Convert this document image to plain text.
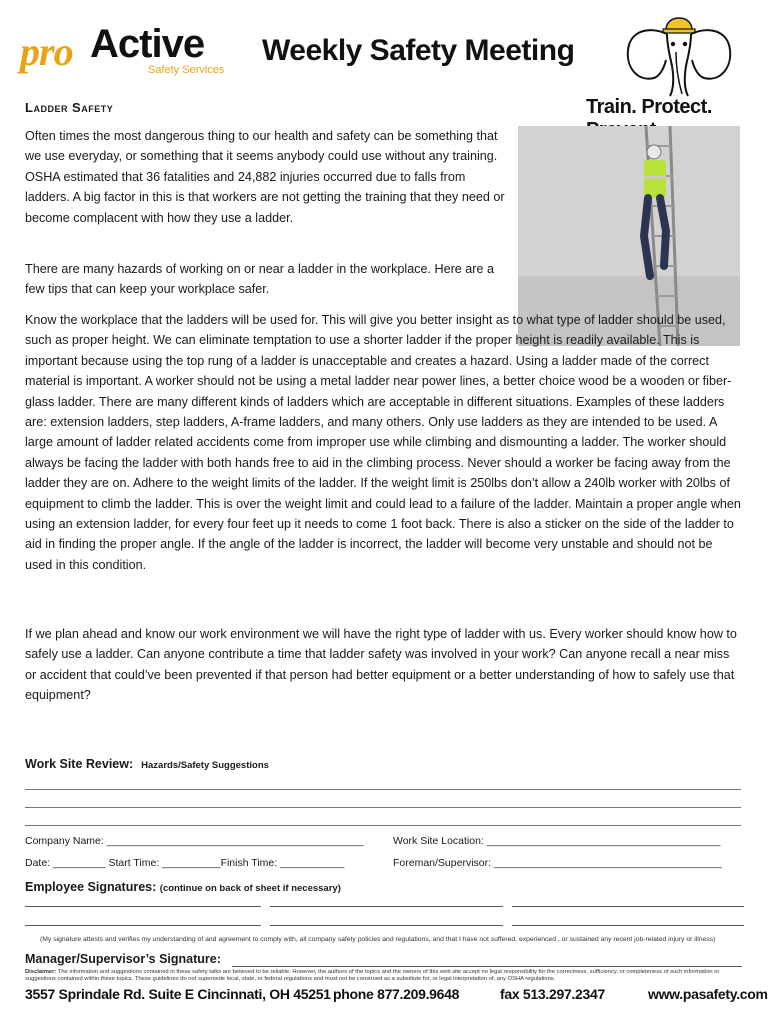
pro Active
Safety Services
Weekly Safety Meeting
Train. Protect.
Ladder Safety
Often times the most dangerous thing to our health and safety can be something that we use everyday, or something that it seems anybody could use without any training. OSHA estimated that 36 fatalities and 24,882 injuries occurred due to falls from ladders. A big factor in this is that workers are not getting the training that they need or become complacent with how they use a ladder.
There are many hazards of working on or near a ladder in the workplace. Here are a few tips that can keep your workplace safer.
Know the workplace that the ladders will be used for. This will give you better insight as to what type of ladder should be used, such as proper height. We can eliminate temptation to use a shorter ladder if the proper height is readily available. This is important because using the top rung of a ladder is unacceptable and creates a hazard. Using a ladder made of the correct material is important. A worker should not be using a metal ladder near power lines, a better choice wood be a wooden or fiber-glass ladder. There are many different kinds of ladders which are acceptable in different situations. Examples of these ladders are: extension ladders, step ladders, A-frame ladders, and many others. Only use ladders as they are intended to be used. A large amount of ladder related accidents come from improper use while climbing and dismounting a ladder. The worker should always be facing the ladder with both hands free to aid in the climbing process. Never should a worker be facing away from the ladder they are on. Adhere to the weight limits of the ladder. If the weight limit is 250lbs don’t allow a 240lb worker with 20lbs of equipment to climb the ladder. This is over the weight limit and could lead to a failure of the ladder. Maintain a proper angle when using an extension ladder, for every four feet up it needs to come 1 foot back. There is also a sticker on the side of the ladder to aid in finding the proper angle. If the angle of the ladder is incorrect, the ladder will become very unstable and should not be used in this condition.
If we plan ahead and know our work environment we will have the right type of ladder with us. Every worker should know how to safely use a ladder. Can anyone contribute a time that ladder safety was involved in your work? Can anyone recall a near miss or accident that could’ve been prevented if that person had better equipment or a better understanding of how to safely use that equipment?
Work Site Review: Hazards/Safety Suggestions
Company Name: ____________________________________________	Work Site Location: ________________________________________
Date: _________ Start Time: __________Finish Time: ___________	Foreman/Supervisor: _______________________________________
Employee Signatures: (continue on back of sheet if necessary)
(My signature attests and verifies my understanding of and agreement to comply with, all company safety policies and regulations, and that I have not suffered, experienced , or sustained any recent job-related injury or illness)
Manager/Supervisor’s Signature:
Disclaimer: The information and suggestions contained in these safety talks are believed to be reliable. However, the authors of the topics and the owners of this web site accept no legal responsibility for the correctness, sufficiency, or completeness of such information or suggestions contained within these topics. These guidelines do not supersede local, state, or federal regulations and must not be construed as a substitute for, or legal interpretation of, any OSHA regulations.
3557 Sprindale Rd. Suite E Cincinnati, OH 45251 phone 877.209.9648	fax 513.297.2347	www.pasafety.com
